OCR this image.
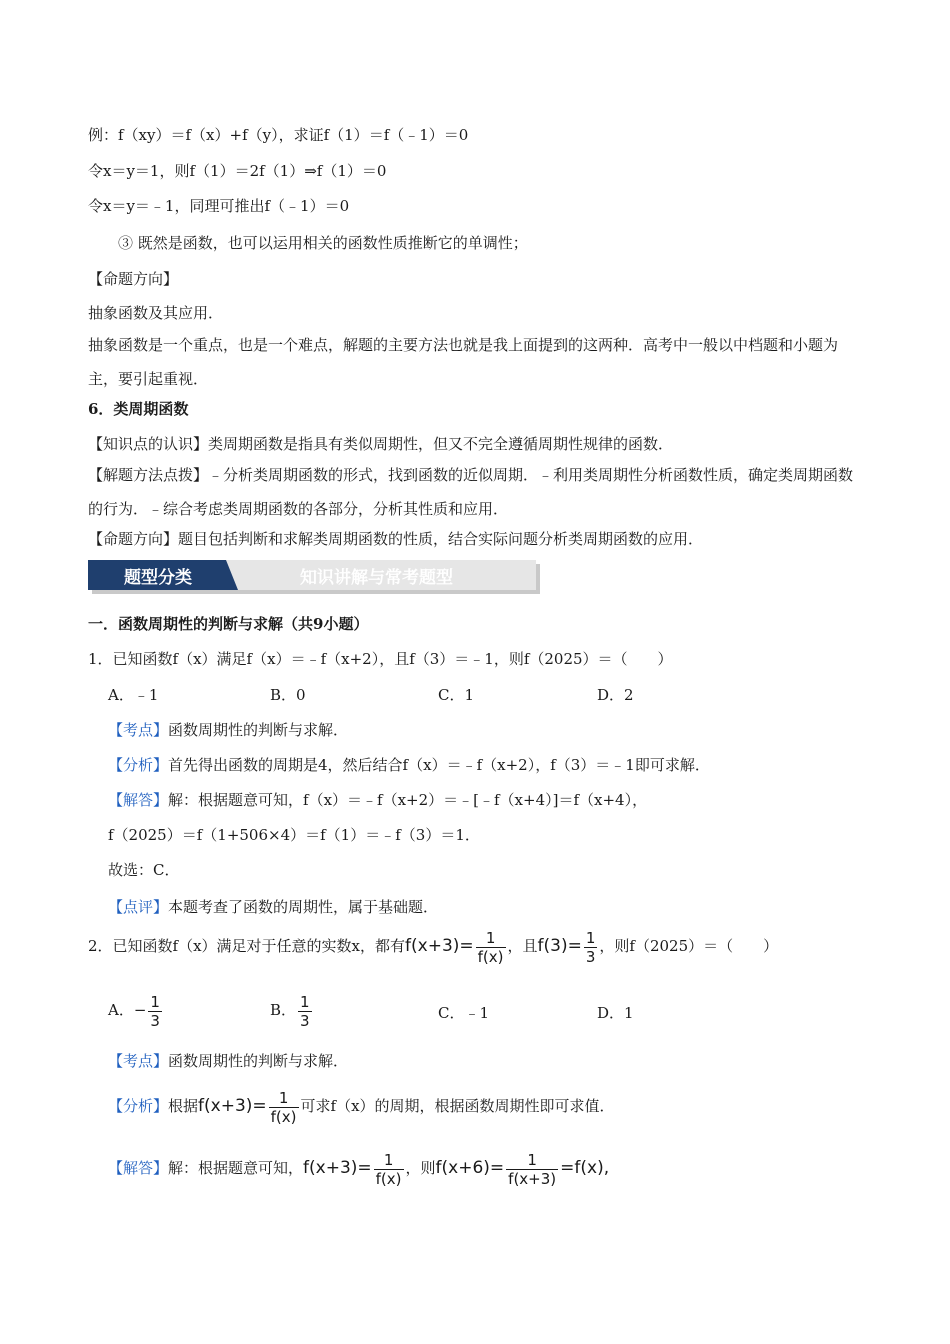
例：f（xy）＝f（x）+f（y），求证f（1）＝f（﹣1）＝0
令x＝y＝1，则f（1）＝2f（1）⇒f（1）＝0
令x＝y＝﹣1，同理可推出f（﹣1）＝0
③ 既然是函数，也可以运用相关的函数性质推断它的单调性；
【命题方向】
抽象函数及其应用．
抽象函数是一个重点，也是一个难点，解题的主要方法也就是我上面提到的这两种．高考中一般以中档题和小题为主，要引起重视．
6．类周期函数
【知识点的认识】类周期函数是指具有类似周期性，但又不完全遵循周期性规律的函数．
【解题方法点拨】﹣分析类周期函数的形式，找到函数的近似周期．﹣利用类周期性分析函数性质，确定类周期函数的行为．﹣综合考虑类周期函数的各部分，分析其性质和应用．
【命题方向】题目包括判断和求解类周期函数的性质，结合实际问题分析类周期函数的应用．
题型分类	知识讲解与常考题型
一．函数周期性的判断与求解（共9小题）
1．已知函数f（x）满足f（x）＝﹣f（x+2），且f（3）＝﹣1，则f（2025）＝（　　）
A．﹣1	B．0	C．1	D．2
【考点】函数周期性的判断与求解．
【分析】首先得出函数的周期是4，然后结合f（x）＝﹣f（x+2），f（3）＝﹣1即可求解．
【解答】解：根据题意可知，f（x）＝﹣f（x+2）＝﹣[﹣f（x+4）]＝f（x+4），
f（2025）＝f（1+506×4）＝f（1）＝﹣f（3）＝1．
故选：C．
【点评】本题考查了函数的周期性，属于基础题．
2．已知函数f（x）满足对于任意的实数x，都有$f(x+3)= \frac{1}{f(x)}$ ，且$f(3)= \frac{1}{3}$ ，则f（2025）＝（　　）
A．− $\frac{1}{3}$	B． $\frac{1}{3}$	C．﹣1	D．1
【考点】函数周期性的判断与求解．
【分析】根据$f(x+3)= \frac{1}{f(x)}$ 可求f（x）的周期，根据函数周期性即可求值．
【解答】解：根据题意可知，$f(x+3)= \frac{1}{f(x)}$ ，则$f(x+6)= \frac{1}{f(x+3)} =f(x)$,
